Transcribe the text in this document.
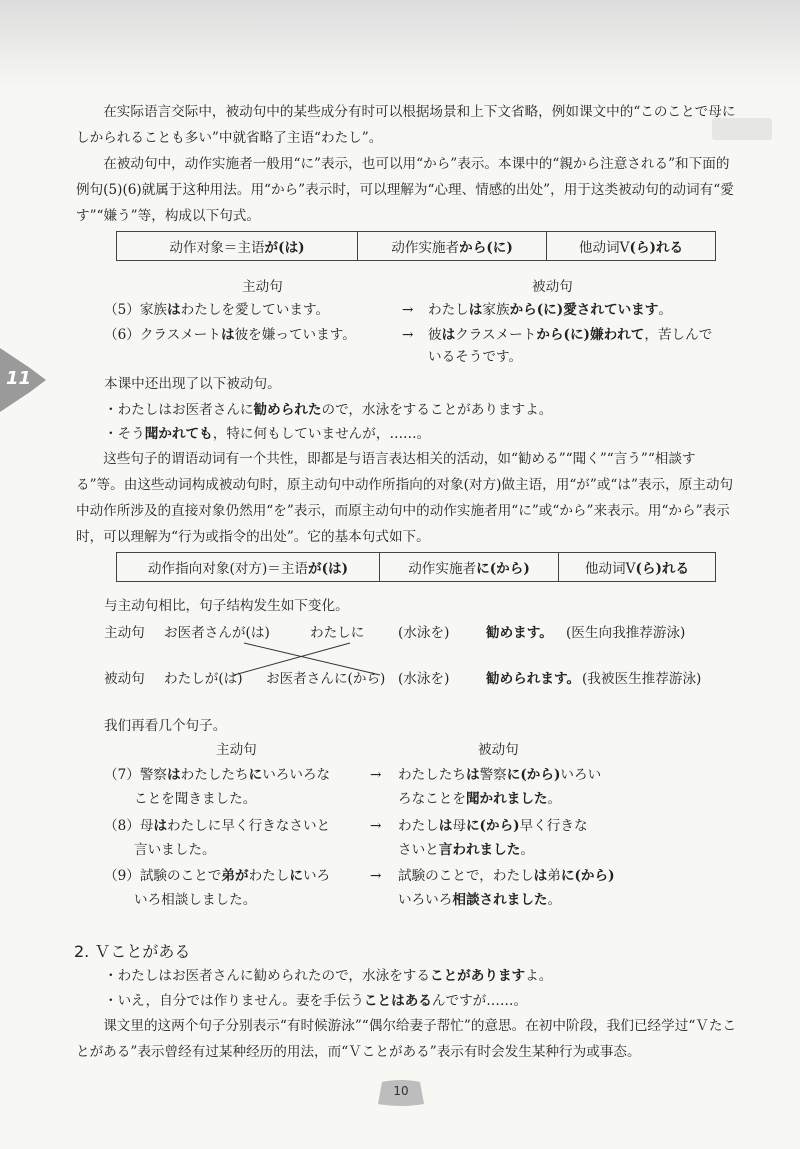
11

在实际语言交际中，被动句中的某些成分有时可以根据场景和上下文省略，例如课文中的“このことで母にしかられることも多い”中就省略了主语“わたし”。

在被动句中，动作实施者一般用“に”表示，也可以用“から”表示。本课中的“親から注意される”和下面的例句(5)(6)就属于这种用法。用“から”表示时，可以理解为“心理、情感的出处”，用于这类被动句的动词有“愛す”“嫌う”等，构成以下句式。

动作对象＝主语 が(は)	动作实施者 から(に)	他动词V (ら)れる
主动句	被动句
（5）家族はわたしを愛しています。	→ わたしは家族から(に)愛されています。
（6）クラスメートは彼を嫌っています。	→ 彼はクラスメートから(に)嫌われて，苦しんで
いるそうです。
本课中还出现了以下被动句。
・わたしはお医者さんに勧められたので，水泳をすることがありますよ。
・そう聞かれても，特に何もしていませんが，……。

这些句子的谓语动词有一个共性，即都是与语言表达相关的活动，如“勧める”“聞く”“言う”“相談する”等。由这些动词构成被动句时，原主动句中动作所指向的对象(对方)做主语，用“が”或“は”表示，原主动句中动作所涉及的直接对象仍然用“を”表示，而原主动句中的动作实施者用“に”或“から”来表示。用“から”表示时，可以理解为“行为或指令的出处”。它的基本句式如下。

动作指向对象(对方)＝主语 が(は)	动作实施者 に(から)	他动词V (ら)れる
与主动句相比，句子结构发生如下变化。
主动句 お医者さんが(は)	わたしに (水泳を)	勧めます。 (医生向我推荐游泳)
被动句 わたしが(は) お医者さんに(から) (水泳を)	勧められます。 (我被医生推荐游泳)
我们再看几个句子。
主动句	被动句
（7）警察はわたしたちにいろいろな
ことを聞きました。
→ わたしたちは警察に(から)いろい
ろなことを聞かれました。
（8）母はわたしに早く行きなさいと
言いました。
→ わたしは母に(から)早く行きな
さいと言われました。
（9）試験のことで弟がわたしにいろ
いろ相談しました。
→ 試験のことで，わたしは弟に(から)
いろいろ相談されました。
2. Ｖことがある
・わたしはお医者さんに勧められたので，水泳をすることがありますよ。
・いえ，自分では作りません。妻を手伝うことはあるんですが……。

课文里的这两个句子分别表示“有时候游泳”“偶尔给妻子帮忙”的意思。在初中阶段，我们已经学过“Ｖたことがある”表示曾经有过某种经历的用法，而“Ｖことがある”表示有时会发生某种行为或事态。

10
